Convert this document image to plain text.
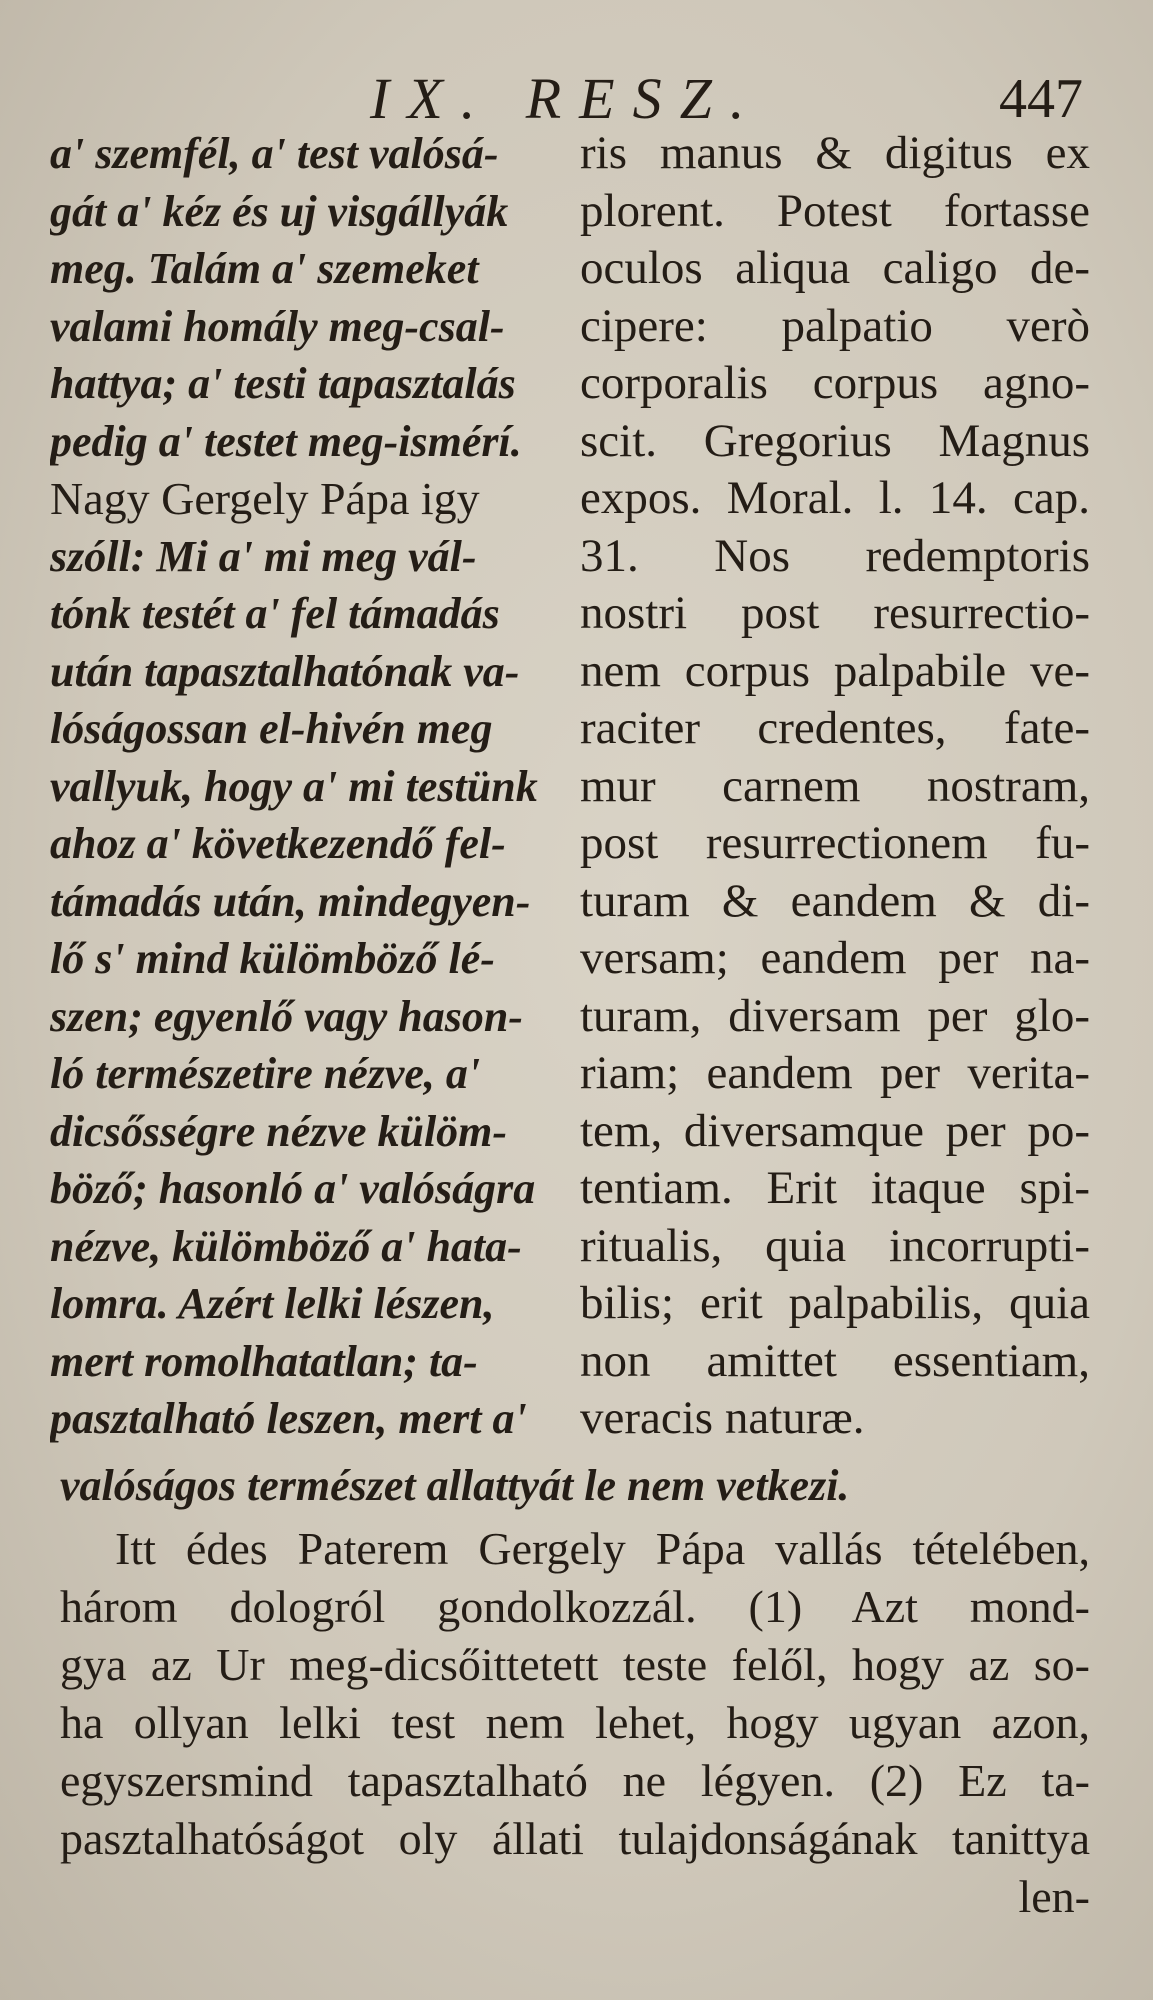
IX. RESZ.	447
a' szemfél, a' test valósá-
gát a' kéz és uj visgállyák
meg. Talám a' szemeket
valami homály meg-csal-
hattya; a' testi tapasztalás
pedig a' testet meg-ismérí.
Nagy Gergely Pápa igy
szóll: Mi a' mi meg vál-
tónk testét a' fel támadás
után tapasztalhatónak va-
lóságossan el-hivén meg
vallyuk, hogy a' mi testünk
ahoz a' következendő fel-
támadás után, mindegyen-
lő s' mind külömböző lé-
szen; egyenlő vagy hason-
ló természetire nézve, a'
dicsősségre nézve külöm-
böző; hasonló a' valóságra
nézve, külömböző a' hata-
lomra. Azért lelki lészen,
mert romolhatatlan; ta-
pasztalható leszen, mert a'
ris manus & digitus ex
plorent. Potest fortasse
oculos aliqua caligo de-
cipere: palpatio verò
corporalis corpus agno-
scit. Gregorius Magnus
expos. Moral. l. 14. cap.
31. Nos redemptoris
nostri post resurrectio-
nem corpus palpabile ve-
raciter credentes, fate-
mur carnem nostram,
post resurrectionem fu-
turam & eandem & di-
versam; eandem per na-
turam, diversam per glo-
riam; eandem per verita-
tem, diversamque per po-
tentiam. Erit itaque spi-
ritualis, quia incorrupti-
bilis; erit palpabilis, quia
non amittet essentiam,
veracis naturæ.
valóságos természet allattyát le nem vetkezi.
Itt édes Paterem Gergely Pápa vallás tételében,
három dologról gondolkozzál. (1) Azt mond-
gya az Ur meg-dicsőittetett teste felől, hogy az so-
ha ollyan lelki test nem lehet, hogy ugyan azon,
egyszersmind tapasztalható ne légyen. (2) Ez ta-
pasztalhatóságot oly állati tulajdonságának tanittya
len-
